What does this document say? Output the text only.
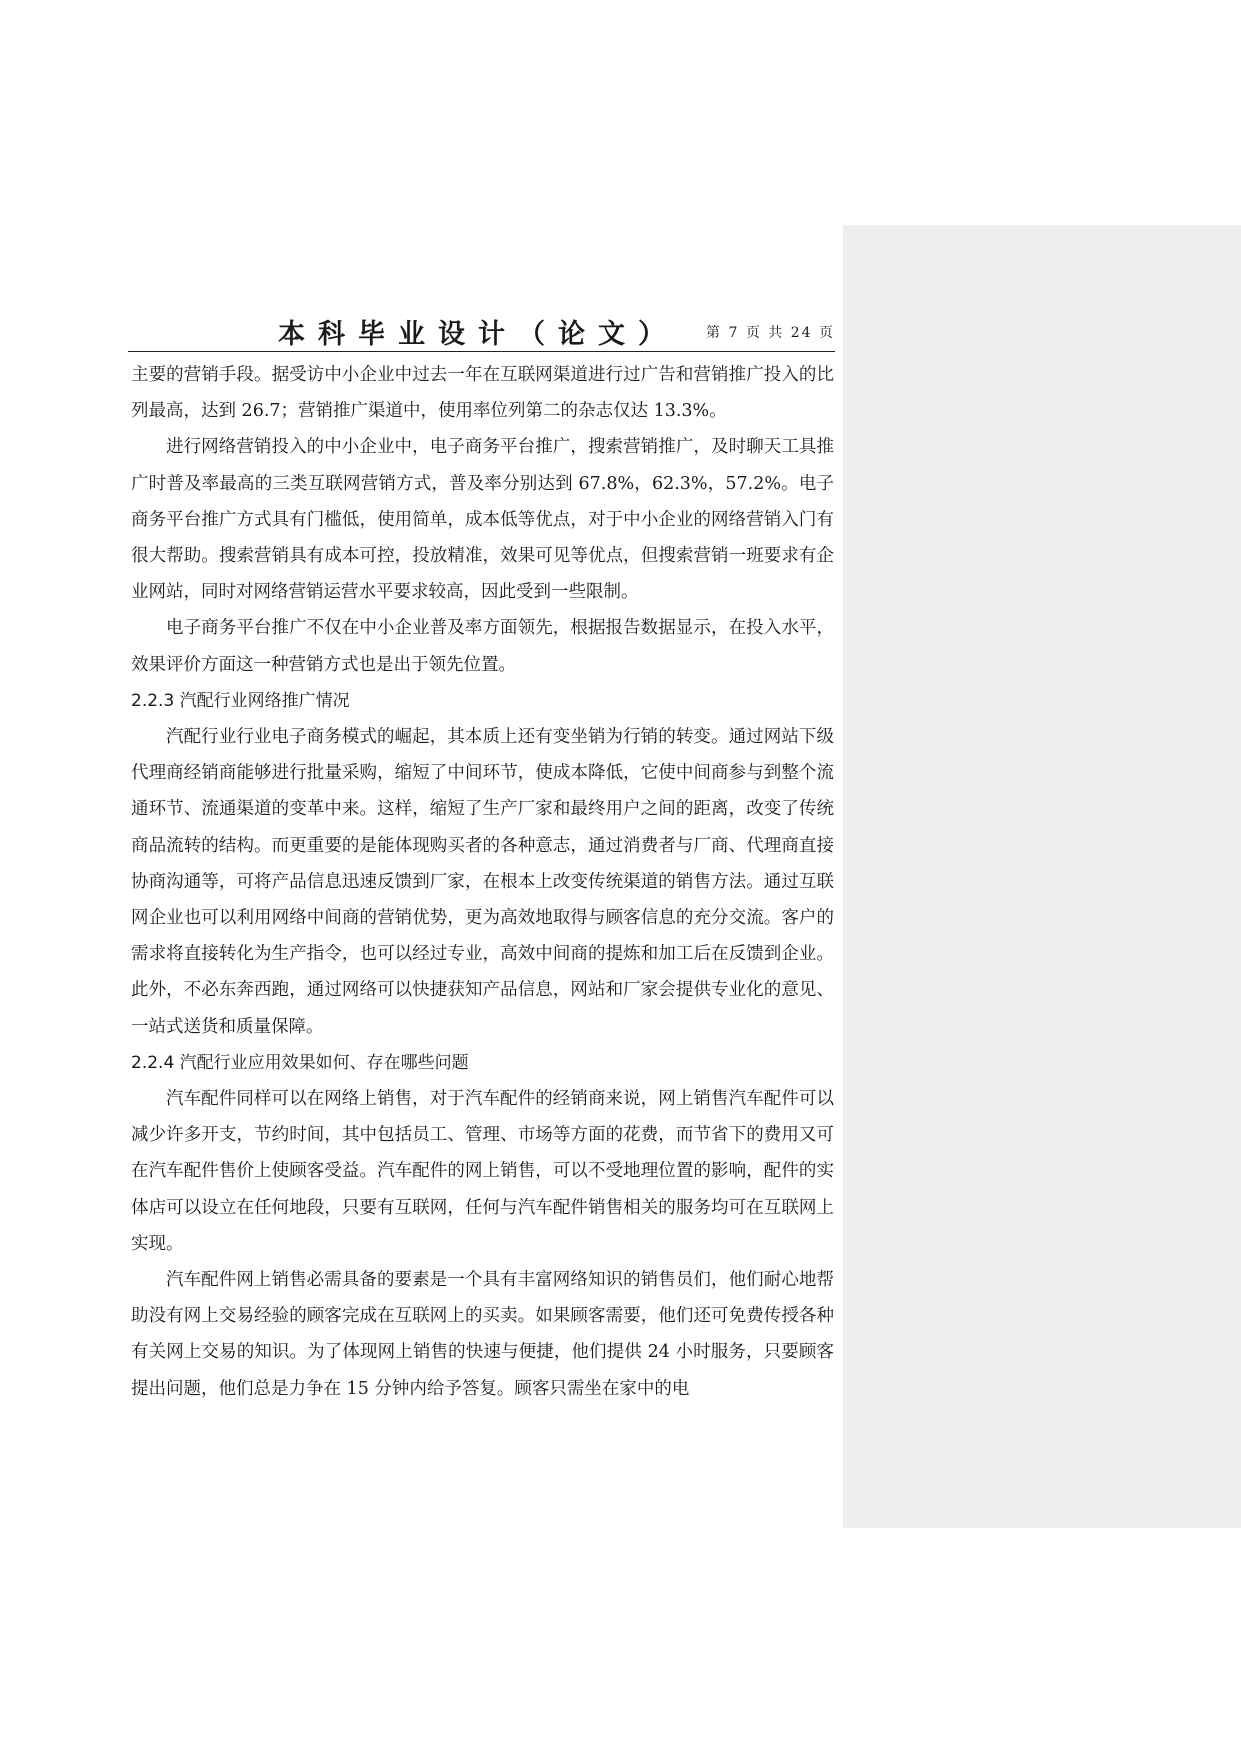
本科毕业设计（论文） 第 7 页 共 24 页

主要的营销手段。据受访中小企业中过去一年在互联网渠道进行过广告和营销推广投入的比列最高，达到 26.7；营销推广渠道中，使用率位列第二的杂志仅达 13.3%。

进行网络营销投入的中小企业中，电子商务平台推广，搜索营销推广，及时聊天工具推广时普及率最高的三类互联网营销方式，普及率分别达到 67.8%，62.3%，57.2%。电子商务平台推广方式具有门槛低，使用简单，成本低等优点，对于中小企业的网络营销入门有很大帮助。搜索营销具有成本可控，投放精准，效果可见等优点，但搜索营销一班要求有企业网站，同时对网络营销运营水平要求较高，因此受到一些限制。

电子商务平台推广不仅在中小企业普及率方面领先，根据报告数据显示，在投入水平，效果评价方面这一种营销方式也是出于领先位置。

2.2.3 汽配行业网络推广情况

汽配行业行业电子商务模式的崛起，其本质上还有变坐销为行销的转变。通过网站下级代理商经销商能够进行批量采购，缩短了中间环节，使成本降低，它使中间商参与到整个流通环节、流通渠道的变革中来。这样，缩短了生产厂家和最终用户之间的距离，改变了传统商品流转的结构。而更重要的是能体现购买者的各种意志，通过消费者与厂商、代理商直接协商沟通等，可将产品信息迅速反馈到厂家，在根本上改变传统渠道的销售方法。通过互联网企业也可以利用网络中间商的营销优势，更为高效地取得与顾客信息的充分交流。客户的需求将直接转化为生产指令，也可以经过专业，高效中间商的提炼和加工后在反馈到企业。此外，不必东奔西跑，通过网络可以快捷获知产品信息，网站和厂家会提供专业化的意见、一站式送货和质量保障。

2.2.4 汽配行业应用效果如何、存在哪些问题

汽车配件同样可以在网络上销售，对于汽车配件的经销商来说，网上销售汽车配件可以减少许多开支，节约时间，其中包括员工、管理、市场等方面的花费，而节省下的费用又可在汽车配件售价上使顾客受益。汽车配件的网上销售，可以不受地理位置的影响，配件的实体店可以设立在任何地段，只要有互联网，任何与汽车配件销售相关的服务均可在互联网上实现。

汽车配件网上销售必需具备的要素是一个具有丰富网络知识的销售员们，他们耐心地帮助没有网上交易经验的顾客完成在互联网上的买卖。如果顾客需要，他们还可免费传授各种有关网上交易的知识。为了体现网上销售的快速与便捷，他们提供 24 小时服务，只要顾客提出问题，他们总是力争在 15 分钟内给予答复。顾客只需坐在家中的电
